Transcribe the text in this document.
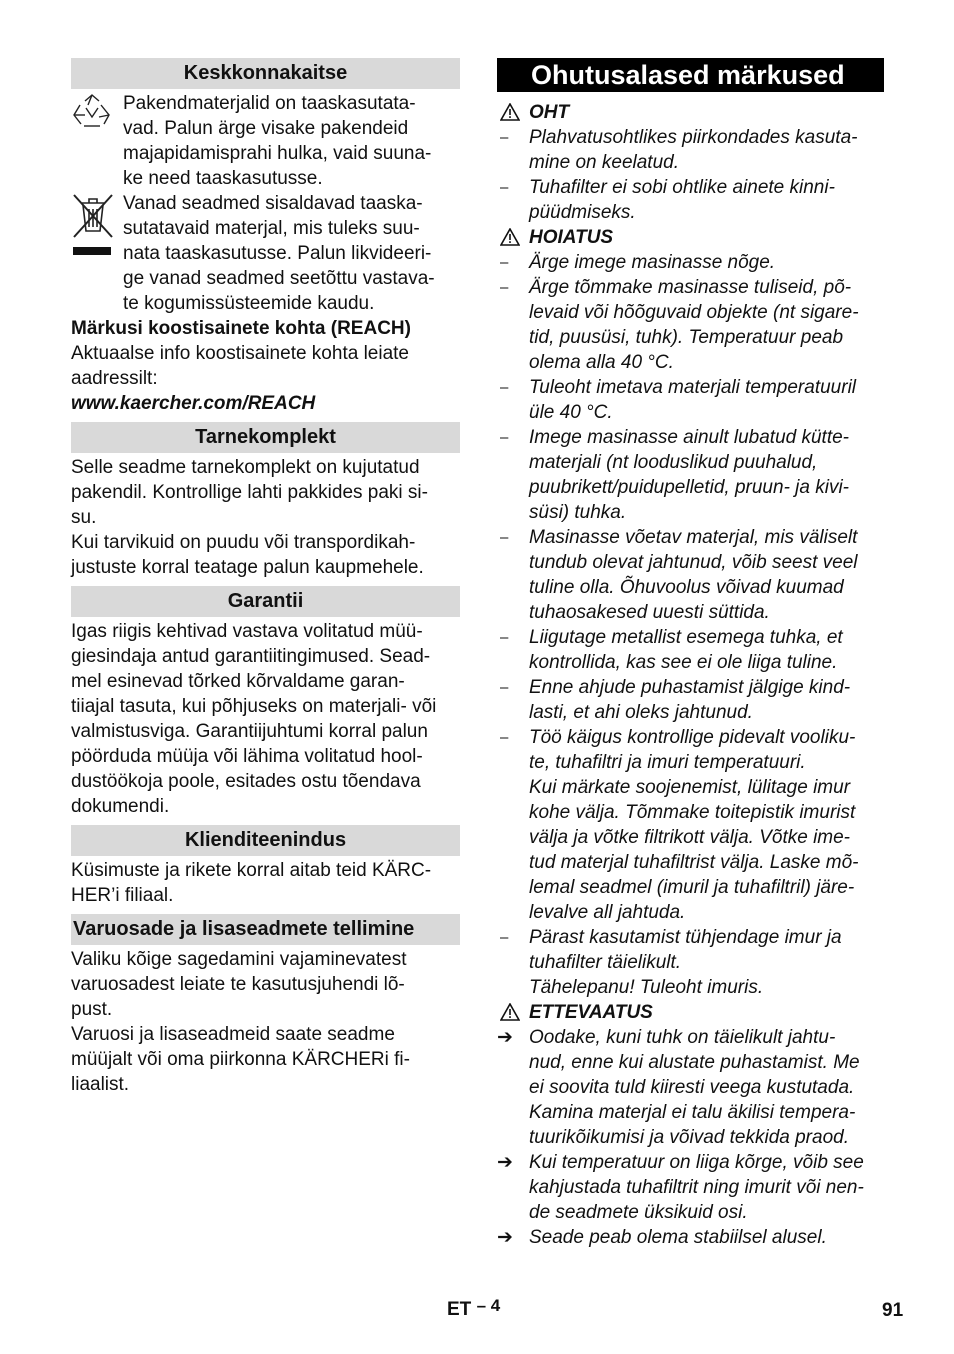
Keskkonnakaitse
Pakendmaterjalid on taaskasutata-
vad. Palun ärge visake pakendeid
majapidamisprahi hulka, vaid suuna-
ke need taaskasutusse.
Vanad seadmed sisaldavad taaska-
sutatavaid materjal, mis tuleks suu-
nata taaskasutusse. Palun likvideeri-
ge vanad seadmed seetõttu vastava-
te kogumissüsteemide kaudu.
Märkusi koostisainete kohta (REACH)
Aktuaalse info koostisainete kohta leiate
aadressilt:
www.kaercher.com/REACH
Tarnekomplekt
Selle seadme tarnekomplekt on kujutatud
pakendil. Kontrollige lahti pakkides paki si-
su.
Kui tarvikuid on puudu või transpordikah-
justuste korral teatage palun kaupmehele.
Garantii
Igas riigis kehtivad vastava volitatud müü-
giesindaja antud garantiitingimused. Sead-
mel esinevad tõrked kõrvaldame garan-
tiiajal tasuta, kui põhjuseks on materjali- või
valmistusviga. Garantiijuhtumi korral palun
pöörduda müüja või lähima volitatud hool-
dustöökoja poole, esitades ostu tõendava
dokumendi.
Klienditeenindus
Küsimuste ja rikete korral aitab teid KÄRC-
HER’i filiaal.
Varuosade ja lisaseadmete tellimine
Valiku kõige sagedamini vajaminevatest
varuosadest leiate te kasutusjuhendi lõ-
pust.
Varuosi ja lisaseadmeid saate seadme
müüjalt või oma piirkonna KÄRCHERi fi-
liaalist.
Ohutusalased märkused
OHT
– Plahvatusohtlikes piirkondades kasuta-
mine on keelatud.
– Tuhafilter ei sobi ohtlike ainete kinni-
püüdmiseks.
HOIATUS
– Ärge imege masinasse nõge.
– Ärge tõmmake masinasse tuliseid, põ-
levaid või hõõguvaid objekte (nt sigare-
tid, puusüsi, tuhk). Temperatuur peab
olema alla 40 °C.
– Tuleoht imetava materjali temperatuuril
üle 40 °C.
– Imege masinasse ainult lubatud kütte-
materjali (nt looduslikud puuhalud,
puubrikett/puidupelletid, pruun- ja kivi-
süsi) tuhka.
– Masinasse võetav materjal, mis väliselt
tundub olevat jahtunud, võib seest veel
tuline olla. Õhuvoolus võivad kuumad
tuhaosakesed uuesti süttida.
– Liigutage metallist esemega tuhka, et
kontrollida, kas see ei ole liiga tuline.
– Enne ahjude puhastamist jälgige kind-
lasti, et ahi oleks jahtunud.
– Töö käigus kontrollige pidevalt vooliku-
te, tuhafiltri ja imuri temperatuuri.
Kui märkate soojenemist, lülitage imur
kohe välja. Tõmmake toitepistik imurist
välja ja võtke filtrikott välja. Võtke ime-
tud materjal tuhafiltrist välja. Laske mõ-
lemal seadmel (imuril ja tuhafiltril) järe-
levalve all jahtuda.
– Pärast kasutamist tühjendage imur ja
tuhafilter täielikult.
Tähelepanu! Tuleoht imuris.
ETTEVAATUS
➔ Oodake, kuni tuhk on täielikult jahtu-
nud, enne kui alustate puhastamist. Me
ei soovita tuld kiiresti veega kustutada.
Kamina materjal ei talu äkilisi tempera-
tuurikõikumisi ja võivad tekkida praod.
➔ Kui temperatuur on liiga kõrge, võib see
kahjustada tuhafiltrit ning imurit või nen-
de seadmete üksikuid osi.
➔ Seade peab olema stabiilsel alusel.
ET – 4	91
